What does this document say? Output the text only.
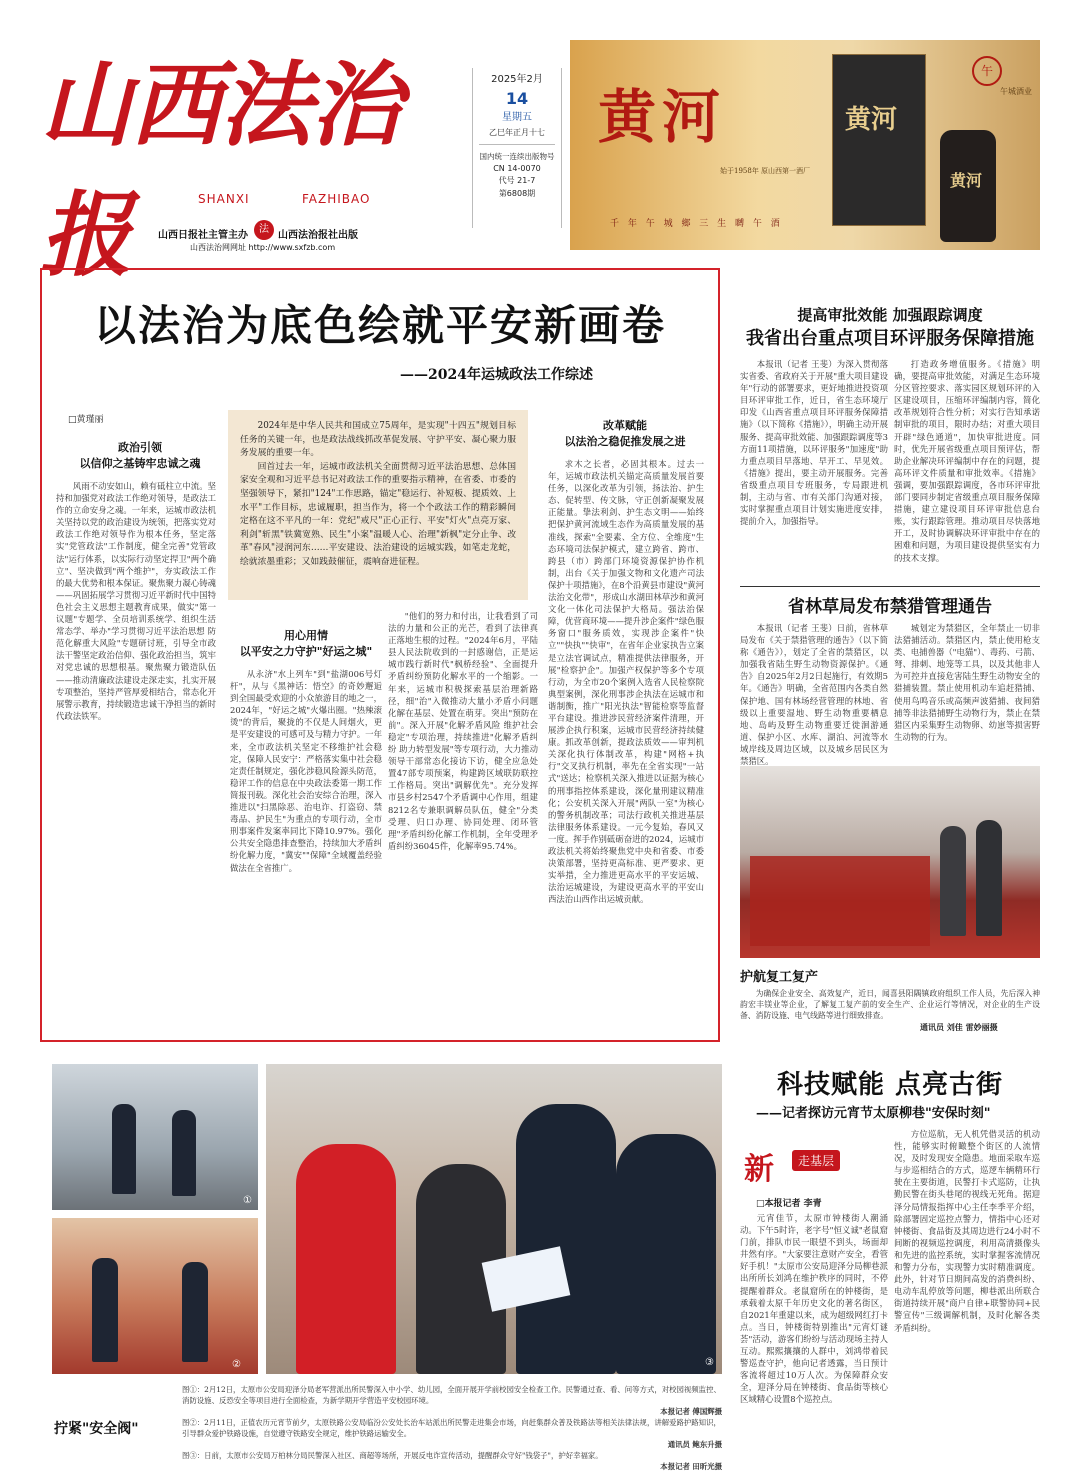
山西法治报	SHANXI	FAZHIBAO
山西日报社主管主办
法
山西法治报社出版
山西法治网网址 http://www.sxfzb.com
2025年2月
14
星期五
乙巳年正月十七
国内统一连续出版物号
CN 14-0070
代号 21-7
第6808期
黄河
始于1958年 原山西第一酒厂
千 年 午 城 鄉 三 生 嚩 午 酒
黄河
黄河
午
午城酒业
以法治为底色绘就平安新画卷
——2024年运城政法工作综述
□黄瑾丽

2024年是中华人民共和国成立75周年，是实现"十四五"规划目标任务的关键一年，也是政法战线抓改革促发展、守护平安、凝心聚力服务发展的重要一年。

回首过去一年，运城市政法机关全面贯彻习近平法治思想、总体国家安全观和习近平总书记对政法工作的重要指示精神，在省委、市委的坚强领导下，紧扣"124"工作思路，锚定"稳运行、补短板、提质效、上水平"工作目标，忠诚履职，担当作为，将一个个政法工作的精彩瞬间定格在这不平凡的一年：党纪"戒尺"正心正行、平安"灯火"点亮万家、利剑"斩黑"铁冀宽熟、民生"小案"温暖人心、治理"新枫"定分止争、改革"春风"浸润河东……平安建设、法治建设的运城实践，如笔走龙蛇，绘就浓墨重彩；又如践鼓催征，震响奋进征程。

政治引领
以信仰之基铸牢忠诚之魂

风雨不动安如山，赖有砥柱立中流。坚持和加强党对政法工作绝对领导，是政法工作的立命安身之魂。一年来，运城市政法机关坚持以党的政治建设为统领，把落实党对政法工作绝对领导作为根本任务，坚定落实"党管政法"工作制度，健全完善"党管政法"运行体系，以实际行动坚定捍卫"两个确立"、坚决做到"两个维护"，夯实政法工作的最大优势和根本保证。聚焦聚力凝心铸魂——巩固拓展学习贯彻习近平新时代中国特色社会主义思想主题教育成果，做实"第一议题"专题学、全员培训系统学、组织生活常态学、举办"学习贯彻习近平法治思想 防范化解重大风险"专题研讨班，引导全市政法干警坚定政治信仰、强化政治担当，筑牢对党忠诚的思想根基。聚焦聚力锻造队伍——推动清廉政法建设走深走实，扎实开展专项整治，坚持严管厚爱相结合，常态化开展警示教育，持续锻造忠诚干净担当的新时代政法铁军。

用心用情
以平安之力守护"好运之城"

从永济"水上列车"到"盐湖006号灯杆"，从与《黑神话：悟空》的奇妙邂逅到全国最受欢迎的小众旅游目的地之一，2024年，"好运之城"火爆出圈。"热辣滚烫"的背后，聚拢的不仅是人间烟火，更是平安建设的可感可及与精力守护。一年来，全市政法机关坚定不移维护社会稳定，保障人民安宁：严格落实集中社会稳定责任制规定，强化涉稳风险源头防范，稳评工作的信息在中央政法委第一期工作简报刊载。深化社会治安综合治理，深入推进以"扫黑除恶、治电诈、打盗窃、禁毒品、护民生"为重点的专项行动，全市刑事案件发案率同比下降10.97%。强化公共安全隐患排查整治，持续加大矛盾纠纷化解力度，"冀安""保障"全域覆盖经验做法在全省推广。

"他们的努力和付出，让我看到了司法的力量和公正的光芒，看到了法律真正落地生根的过程。"2024年6月，平陆县人民法院收到的一封感谢信，正是运城市践行新时代"枫桥经验"、全面提升矛盾纠纷预防化解水平的一个缩影。一年来，运城市积极探索基层治理新路径，细"治"入微推动大量小矛盾小问题化解在基层、处置在萌芽。突出"预防在前"。深入开展"化解矛盾风险 维护社会稳定"专项治理，持续推进"化解矛盾纠纷 助力转型发展"等专项行动，大力推动领导干部常态化接访下访，健全应急处置47部专项预案，构建跨区域联防联控工作格局。突出"调解优先"。充分发挥市县乡村2547个矛盾调中心作用，组建8212名专兼职调解员队伍，健全"分类受理、归口办理、协同处理、闭环管理"矛盾纠纷化解工作机制，全年受理矛盾纠纷36045件，化解率95.74%。

改革赋能
以法治之稳促推发展之进

求木之长者，必固其根本。过去一年，运城市政法机关锚定高质量发展首要任务，以深化改革为引领，扬法治、护生态、促转型、传文脉，守正创新凝聚发展正能量。挚法利剑、护生态文明——始终把保护黄河流域生态作为高质量发展的基准线，探索"全要素、全方位、全维度"生态环境司法保护模式，建立跨省、跨市、跨县（市）跨部门环境资源保护协作机制，出台《关于加强文物和文化遗产司法保护十项措施》，在8个沿黄县市建设"黄河法治文化带"，形成山水湖田林草沙和黄河文化一体化司法保护大格局。强法治保障，优营商环境——提升涉企案件"绿色服务窗口"服务质效，实现涉企案件"快立""快执""快审"，在省年企业家执告立案是立法官调试点，精准提供法律服务，开展"检察护企"。加强产权保护等多个专项行动，为全市20个案例入选省人民检察院典型案例，深化刑事涉企执法在运城市和谐制衡，推广"阳光执法"智能检察等监督平台建设。推进涉民营经济案件清理，开展涉企执行积案，运城市民营经济持续健康。抓改革创新，提政法质效——审判机关深化执行体制改革，构建"网格+执行"交叉执行机制，率先在全省实现"一站式"送达；检察机关深入推进以证据为核心的刑事指控体系建设，深化量刑建议精准化；公安机关深入开展"两队一室"为核心的警务机制改革；司法行政机关推进基层法律服务体系建设。一元今复始，春风又一度。挥手作别砥砺奋进的2024，运城市政法机关将始终聚焦党中央和省委、市委决策部署，坚持更高标准、更严要求、更实举措，全力推进更高水平的平安运城、法治运城建设，为建设更高水平的平安山西法治山西作出运城贡献。

提高审批效能 加强跟踪调度
我省出台重点项目环评服务保障措施

本报讯（记者 王斐）为深入贯彻落实省委、省政府关于开展"重大项目建设年"行动的部署要求，更好地推进投资项目环评审批工作，近日，省生态环境厅印发《山西省重点项目环评服务保障措施》（以下简称《措施》），明确主动开展服务、提高审批效能、加强跟踪调度等3方面11项措施，以环评服务"加速度"助力重点项目早落地、早开工、早见效。《措施》提出，要主动开展服务。完善省级重点项目专班服务，专局跟进机制，主动与省、市有关部门沟通对接，实时掌握重点项目计划实施进度安排，提前介入，加强指导。

打造政务增值服务。《措施》明确，要提高审批效能，对满足生态环境分区管控要求、落实园区规划环评的入区建设项目，压缩环评编制内容，简化改革规划符合性分析；对实行告知承诺制审批的项目，限时办结；对重大项目开辟"绿色通道"，加快审批进度。同时，优先开展省级重点项目预评估，帮助企业解决环评编制中存在的问题，提高环评文件质量和审批效率。《措施》强调，要加强跟踪调度，各市环评审批部门要同步制定省级重点项目服务保障措施，建立建设项目环评审批信息台账，实行跟踪管理。推动项目尽快落地开工，及时协调解决环评审批中存在的困难和问题，为项目建设提供坚实有力的技术支撑。

省林草局发布禁猎管理通告

本报讯（记者 王斐）日前，省林草局发布《关于禁猎管理的通告》（以下简称《通告》），划定了全省的禁猎区，以加强我省陆生野生动物资源保护。《通告》自2025年2月2日起施行，有效期5年。《通告》明确，全省范围内各类自然保护地、国有林场经营管理的林地、省级以上重要湿地、野生动物重要栖息地、岛屿及野生动物重要迁徙洄游通道、保护小区、水库、湖泊、河流等水域岸线及周边区域，以及城乡居民区为禁猎区。

城划定为禁猎区，全年禁止一切非法猎捕活动。禁猎区内，禁止使用枪支类、电捕兽器（"电猫"）、毒药、弓箭、弩、排刺、地笼等工具，以及其他非人为可控并直接危害陆生野生动物安全的猎捕装置。禁止使用机动车追赶猎捕、使用鸟鸣音乐或高频声波猎捕、夜间猎捕等非法猎捕野生动物行为，禁止在禁猎区内采集野生动物卵、幼崽等损害野生动物的行为。

护航复工复产

为确保企业安全、高效复产，近日，闻喜县阳隅镇政府组织工作人员，先后深入神韵宏丰镁业等企业，了解复工复产前的安全生产、企业运行等情况，对企业的生产设备、消防设施、电气线路等进行细致排查。

通讯员 刘佳 雷妙丽摄
①
②	③
拧紧"安全阀"
图①：2月12日，太原市公安局迎泽分局老军营派出所民警深入中小学、幼儿园，全面开展开学前校园安全检查工作。民警通过查、看、问等方式，对校园视频监控、消防设施、反恐安全等项目进行全面检查，为新学期开学营造平安校园环境。
本报记者 傅国辉摄
图②：2月11日，正值农历元宵节前夕，太原铁路公安局临汾公安处长治车站派出所民警走进集会市场，向赶集群众普及铁路法等相关法律法规，讲解爱路护路知识，引导群众爱护铁路设施，自觉遵守铁路安全规定，维护铁路运输安全。
通讯员 鲍东升摄
图③：日前，太原市公安局万柏林分局民警深入社区、商超等场所，开展反电诈宣传活动，提醒群众守好"钱袋子"，护好幸福家。
本报记者 田昕光摄
科技赋能 点亮古街
——记者探访元宵节太原柳巷"安保时刻"
新	走基层
□本报记者 李青

元宵佳节，太原市钟楼街人潮涌动。下午5时许，老字号"恒义诚"老鼠窟门前，排队市民一眼望不到头，场面却井然有序。"大家要注意财产安全，看管好手机！"太原市公安局迎泽分局柳巷派出所所长刘鸿在维护秩序的同时，不停提醒着群众。老鼠窟所在的钟楼街，是承载着太原千年历史文化的著名街区，自2021年重建以来，成为超级网红打卡点。当日，钟楼街特别推出"元宵灯谜荟"活动，游客们纷纷与活动现场主持人互动。熙熙攘攘的人群中，刘鸿带着民警巡查守护，他向记者透露，当日预计客流将超过10万人次。为保障群众安全，迎泽分局在钟楼街、食品街等核心区域精心设置8个巡控点。

方位巡航，无人机凭借灵活的机动性，能够实时俯瞰整个街区的人流情况，及时发现安全隐患。地面采取车巡与步巡相结合的方式，巡逻车辆精环行驶在主要街道，民警打卡式巡防，让执勤民警在街头巷尾的视线无死角。据迎泽分局情报指挥中心主任李季平介绍，除部署固定巡控点警力，情指中心还对钟楼街、食品街及其周边进行24小时不间断的视频巡控调度，利用高清摄像头和先进的监控系统，实时掌握客流情况和警力分布，实现警力实时精准调度。此外，针对节日期间高发的消费纠纷、电动车乱停放等问题，柳巷派出所联合街道持续开展"商户自律+联警协同+民警宣传"三级调解机制，及时化解各类矛盾纠纷。
